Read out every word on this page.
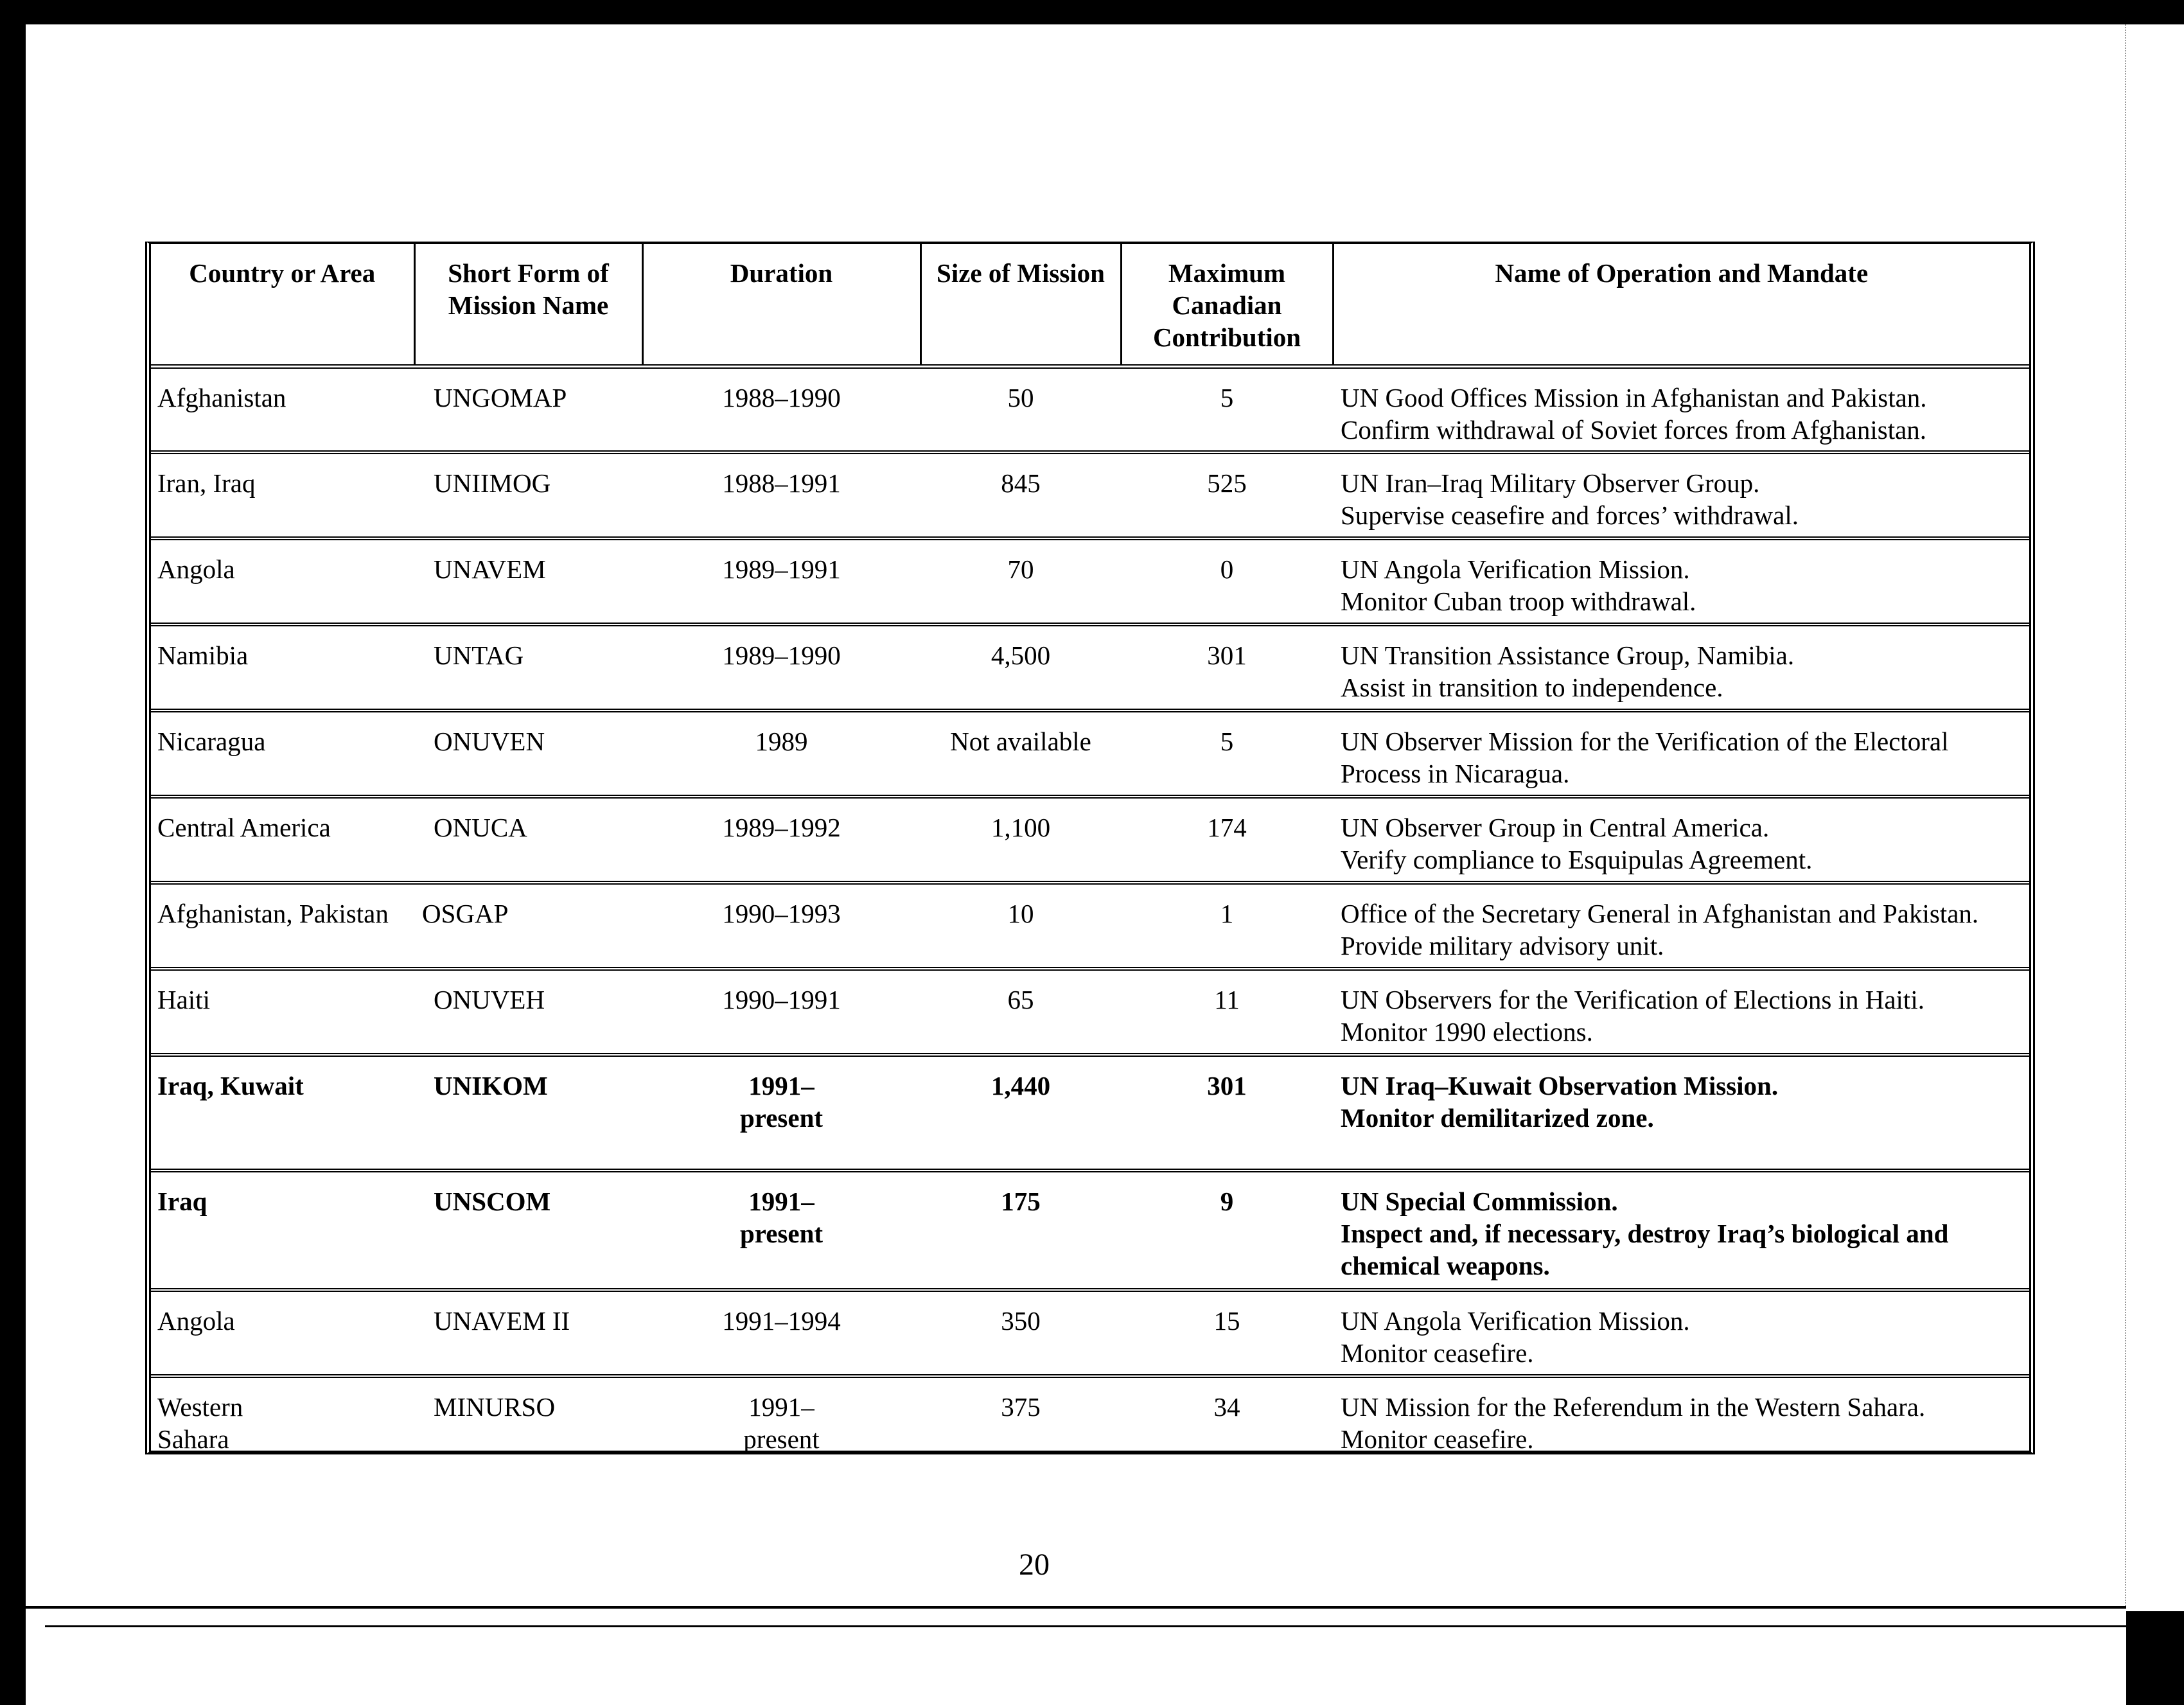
Country or Area	Short Form of Mission Name	Duration	Size of Mission	Maximum Canadian Contribution	Name of Operation and Mandate
Afghanistan	UNGOMAP	1988–1990	50	5	UN Good Offices Mission in Afghanistan and Pakistan.
Confirm withdrawal of Soviet forces from Afghanistan.

Iran, Iraq	UNIIMOG	1988–1991	845	525	UN Iran–Iraq Military Observer Group.
Supervise ceasefire and forces’ withdrawal.

Angola	UNAVEM	1989–1991	70	0	UN Angola Verification Mission.
Monitor Cuban troop withdrawal.

Namibia	UNTAG	1989–1990	4,500	301	UN Transition Assistance Group, Namibia.
Assist in transition to independence.

Nicaragua	ONUVEN	1989	Not available	5	UN Observer Mission for the Verification of the Electoral Process in Nicaragua.

Central America	ONUCA	1989–1992	1,100	174	UN Observer Group in Central America.
Verify compliance to Esquipulas Agreement.

Afghanistan, Pakistan	OSGAP	1990–1993	10	1	Office of the Secretary General in Afghanistan and Pakistan.
Provide military advisory unit.

Haiti	ONUVEH	1990–1991	65	11	UN Observers for the Verification of Elections in Haiti.
Monitor 1990 elections.

Iraq, Kuwait	UNIKOM	1991– present	1,440	301	UN Iraq–Kuwait Observation Mission.
Monitor demilitarized zone.

Iraq	UNSCOM	1991– present	175	9	UN Special Commission.
Inspect and, if necessary, destroy Iraq’s biological and chemical weapons.

Angola	UNAVEM II	1991–1994	350	15	UN Angola Verification Mission.
Monitor ceasefire.

Western Sahara	MINURSO	1991– present	375	34	UN Mission for the Referendum in the Western Sahara.
Monitor ceasefire.
20
